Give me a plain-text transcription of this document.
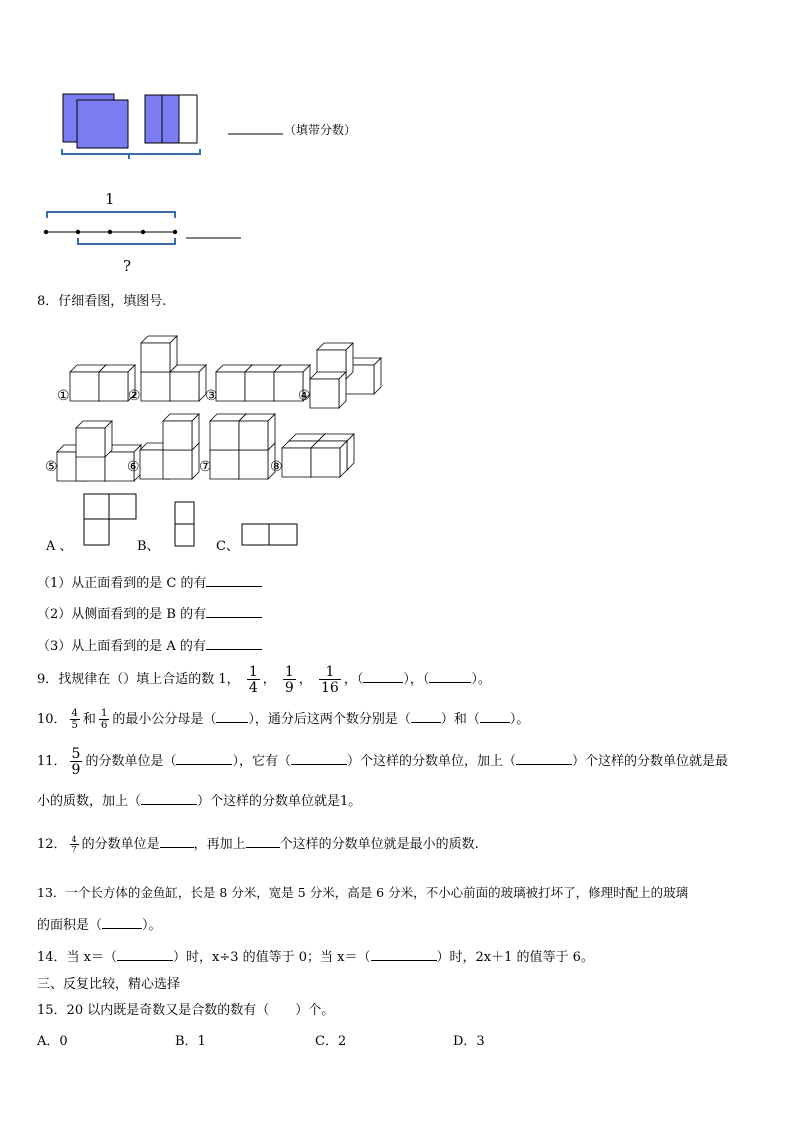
（填带分数）
1
?
8．仔细看图，填图号.
①	②	③	④
⑤	⑥	⑦	⑧
A 、	B、	C、
（1）从正面看到的是 C 的有
（2）从侧面看到的是 B 的有
（3）从上面看到的是 A 的有
9．找规律在（）填上合适的数 1， $\frac{1}{4}$ ， $\frac{1}{9}$ ， $\frac{1}{16}$ ，（	），（	）。
10． $\frac{4}{5}$ 和 $\frac{1}{6}$ 的最小公分母是（ ），通分后这两个数分别是（ ）和（ ）。
11． $\frac{5}{9}$ 的分数单位是（	），它有（	）个这样的分数单位，加上（	）个这样的分数单位就是最
小的质数，加上（	）个这样的分数单位就是1。
12． $\frac{4}{7}$ 的分数单位是	，再加上	个这样的分数单位就是最小的质数.
13．一个长方体的金鱼缸，长是 8 分米，宽是 5 分米，高是 6 分米，不小心前面的玻璃被打坏了，修理时配上的玻璃
的面积是（	）。
14．当 x＝（	）时，x÷3 的值等于 0；当 x＝（	）时，2x＋1 的值等于 6。
三、反复比较，精心选择
15．20 以内既是奇数又是合数的数有（　　）个。
A．0	B．1	C．2	D．3
